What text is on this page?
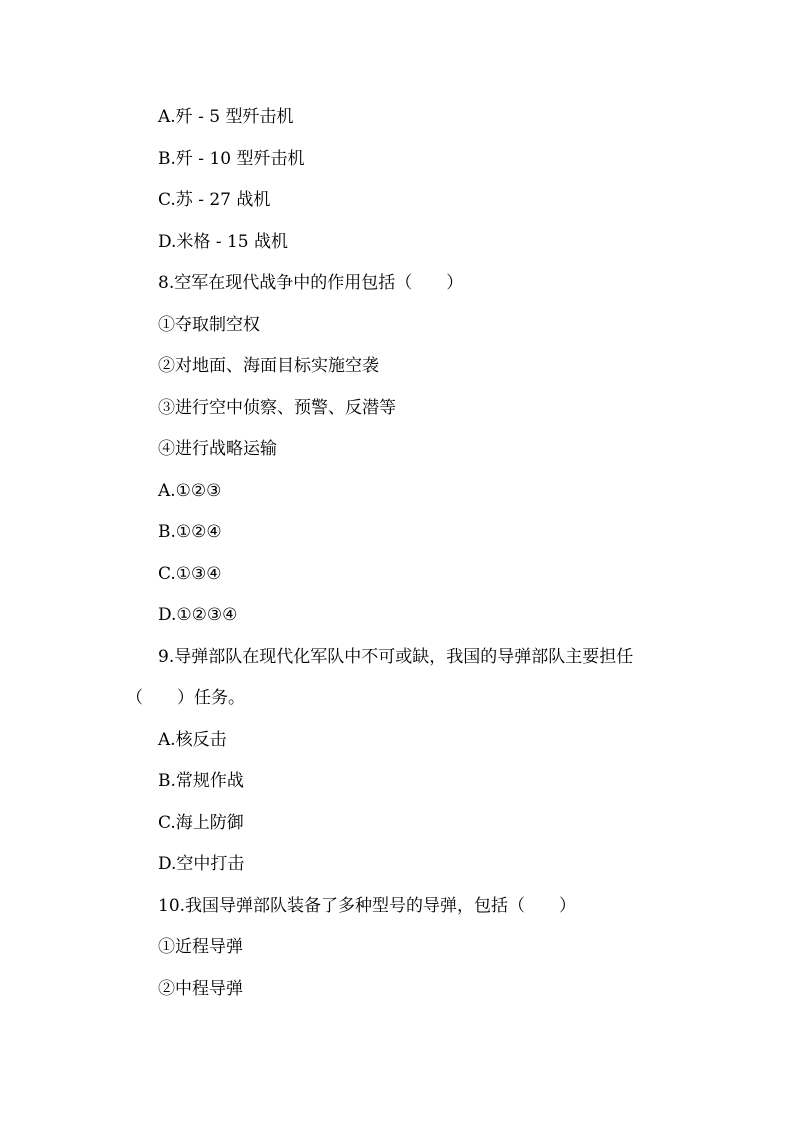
A.歼 - 5 型歼击机
B.歼 - 10 型歼击机
C.苏 - 27 战机
D.米格 - 15 战机
8.空军在现代战争中的作用包括（　　）
①夺取制空权
②对地面、海面目标实施空袭
③进行空中侦察、预警、反潜等
④进行战略运输
A.①②③
B.①②④
C.①③④
D.①②③④
9.导弹部队在现代化军队中不可或缺，我国的导弹部队主要担任
（　　）任务。
A.核反击
B.常规作战
C.海上防御
D.空中打击
10.我国导弹部队装备了多种型号的导弹，包括（　　）
①近程导弹
②中程导弹
